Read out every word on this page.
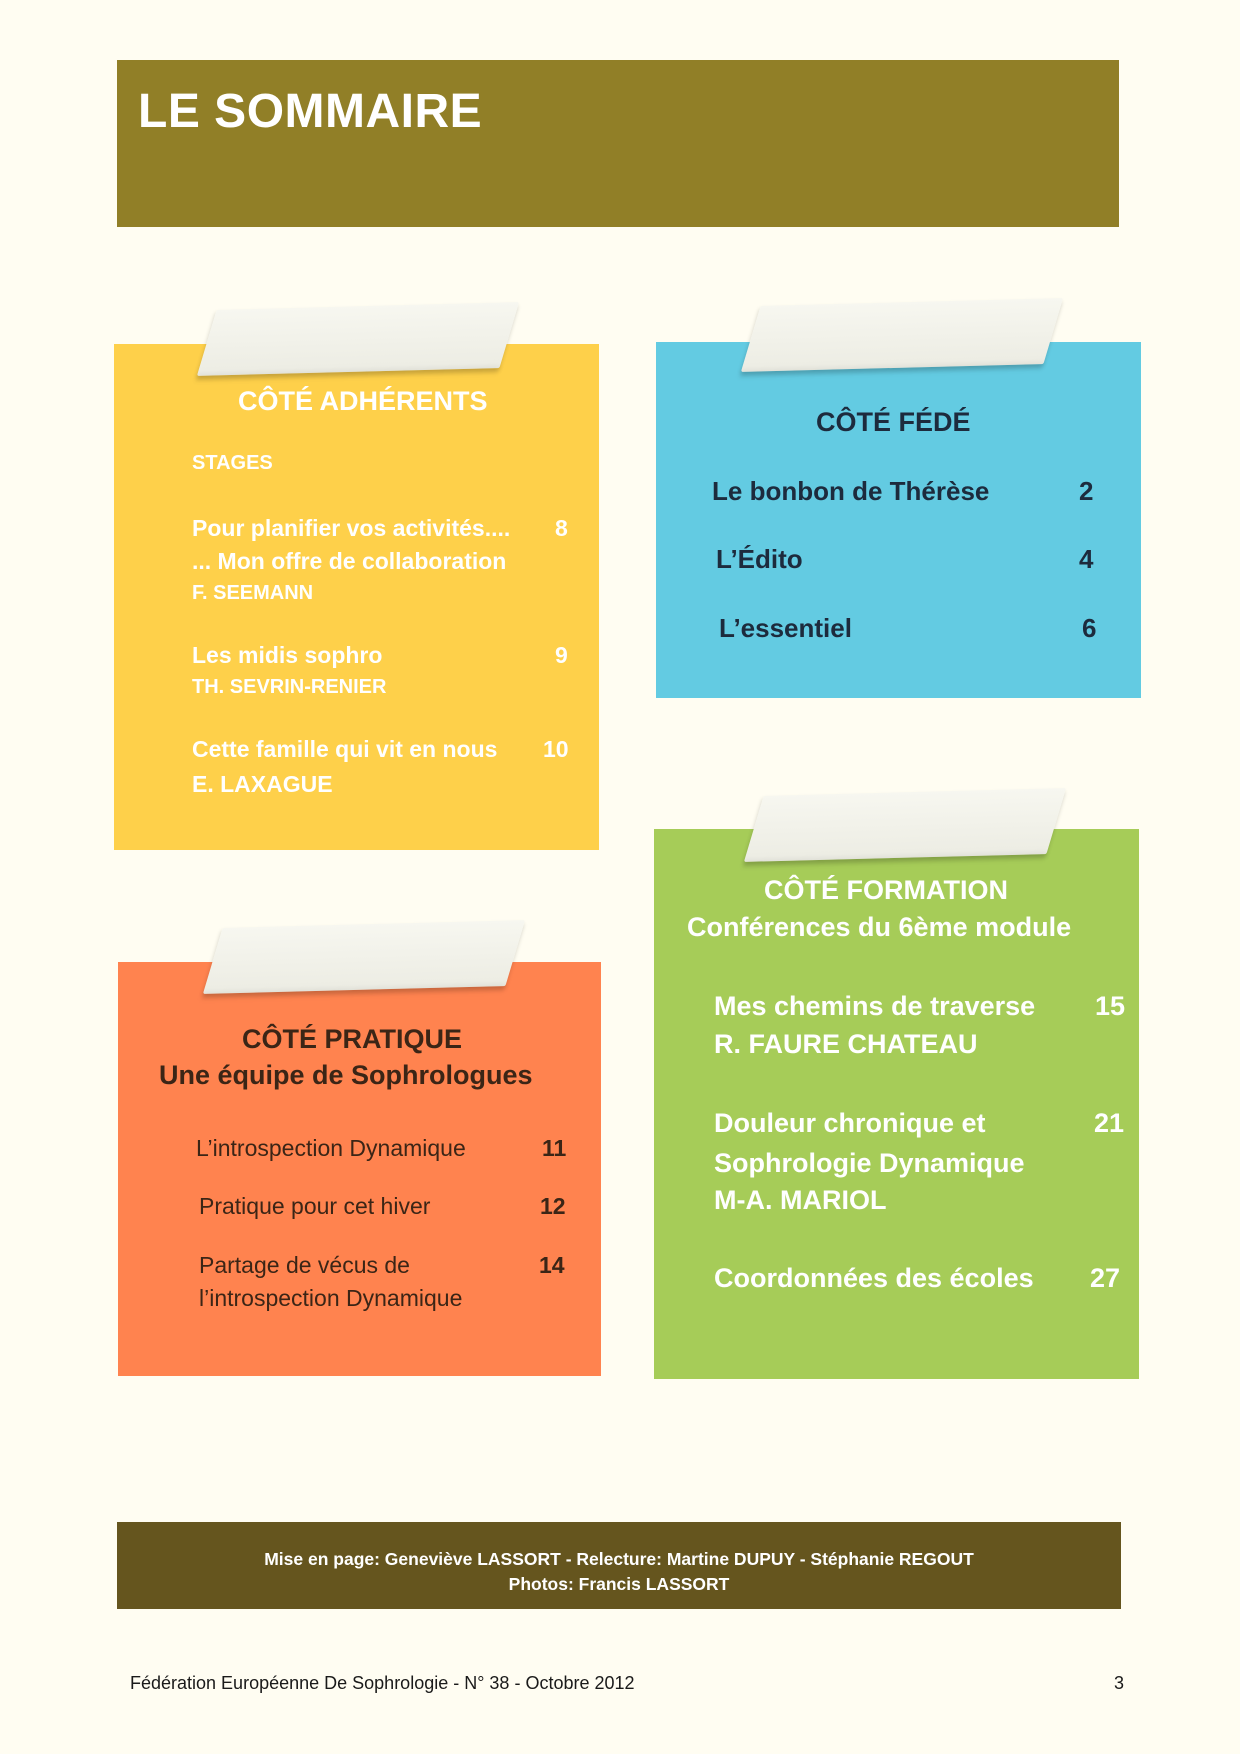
LE SOMMAIRE
CÔTÉ ADHÉRENTS
STAGES
Pour planifier vos activités.... 8
... Mon offre de collaboration
F. SEEMANN
Les midis sophro	9
TH. SEVRIN-RENIER
Cette famille qui vit en nous 10
E. LAXAGUE
CÔTÉ FÉDÉ
Le bonbon de Thérèse	2
L’Édito	4
L’essentiel	6
CÔTÉ PRATIQUE
Une équipe de Sophrologues
L’introspection Dynamique	11
Pratique pour cet hiver	12
Partage de vécus de	14
l’introspection Dynamique
CÔTÉ FORMATION
Conférences du 6ème module
Mes chemins de traverse 15
R. FAURE CHATEAU
Douleur chronique et	21
Sophrologie Dynamique
M-A. MARIOL
Coordonnées des écoles 27
Mise en page: Geneviève LASSORT - Relecture: Martine DUPUY - Stéphanie REGOUT
Photos: Francis LASSORT
Fédération Européenne De Sophrologie - N° 38 - Octobre 2012	3
